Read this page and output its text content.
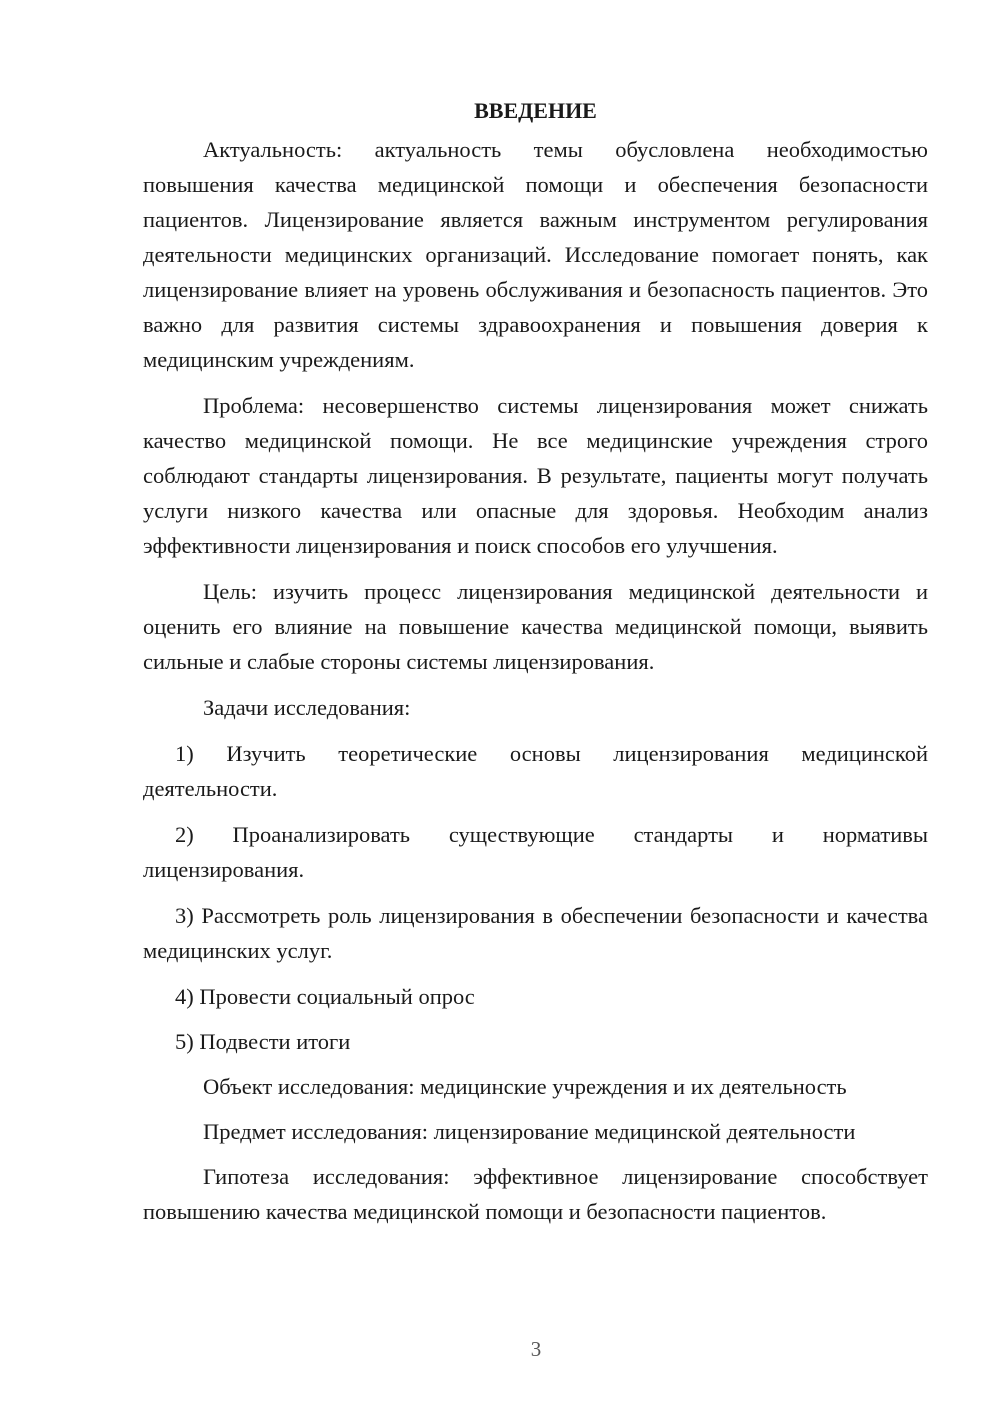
ВВЕДЕНИЕ

Актуальность: актуальность темы обусловлена необходимостью повышения качества медицинской помощи и обеспечения безопасности пациентов. Лицензирование является важным инструментом регулирования деятельности медицинских организаций. Исследование помогает понять, как лицензирование влияет на уровень обслуживания и безопасность пациентов. Это важно для развития системы здравоохранения и повышения доверия к медицинским учреждениям.

Проблема: несовершенство системы лицензирования может снижать качество медицинской помощи. Не все медицинские учреждения строго соблюдают стандарты лицензирования. В результате, пациенты могут получать услуги низкого качества или опасные для здоровья. Необходим анализ эффективности лицензирования и поиск способов его улучшения.

Цель: изучить процесс лицензирования медицинской деятельности и оценить его влияние на повышение качества медицинской помощи, выявить сильные и слабые стороны системы лицензирования.

Задачи исследования:

1) Изучить теоретические основы лицензирования медицинской деятельности.

2) Проанализировать существующие стандарты и нормативы лицензирования.

3) Рассмотреть роль лицензирования в обеспечении безопасности и качества медицинских услуг.

4) Провести социальный опрос

5) Подвести итоги

Объект исследования: медицинские учреждения и их деятельность

Предмет исследования: лицензирование медицинской деятельности

Гипотеза исследования: эффективное лицензирование способствует повышению качества медицинской помощи и безопасности пациентов.

3
